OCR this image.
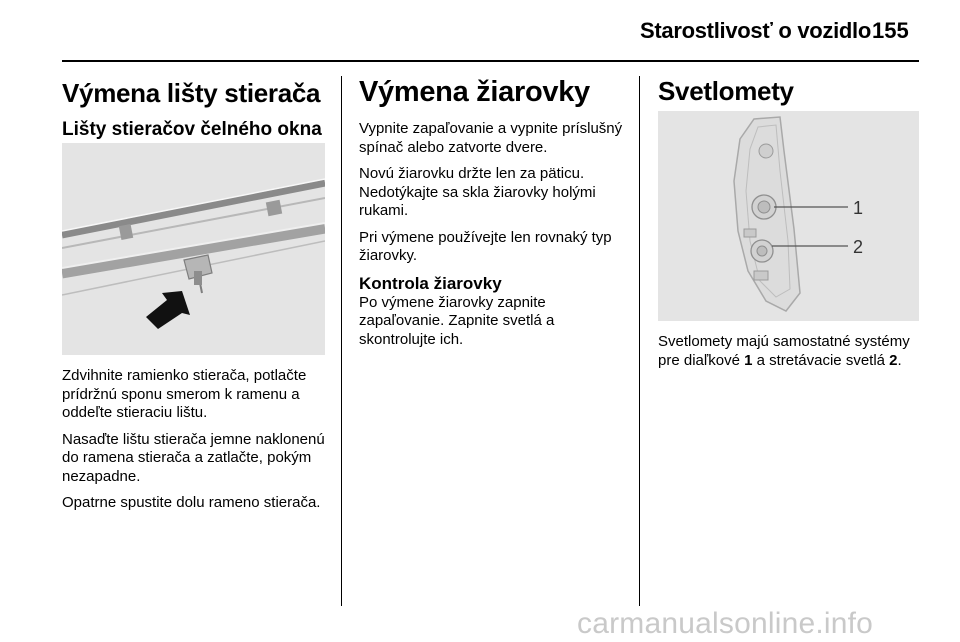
Starostlivosť o vozidlo 155
Výmena lišty stierača
Lišty stieračov čelného okna

Zdvihnite ramienko stierača, potlačte prídržnú sponu smerom k ramenu a oddeľte stieraciu lištu.

Nasaďte lištu stierača jemne naklonenú do ramena stierača a zatlačte, pokým nezapadne.

Opatrne spustite dolu rameno stierača.

Výmena žiarovky

Vypnite zapaľovanie a vypnite príslušný spínač alebo zatvorte dvere.

Novú žiarovku držte len za päticu. Nedotýkajte sa skla žiarovky holými rukami.

Pri výmene používejte len rovnaký typ žiarovky.

Kontrola žiarovky

Po výmene žiarovky zapnite zapaľovanie. Zapnite svetlá a skontrolujte ich.

Svetlomety
1
2

Svetlomety majú samostatné systémy pre diaľkové 1 a stretávacie svetlá 2.

carmanualsonline.info
